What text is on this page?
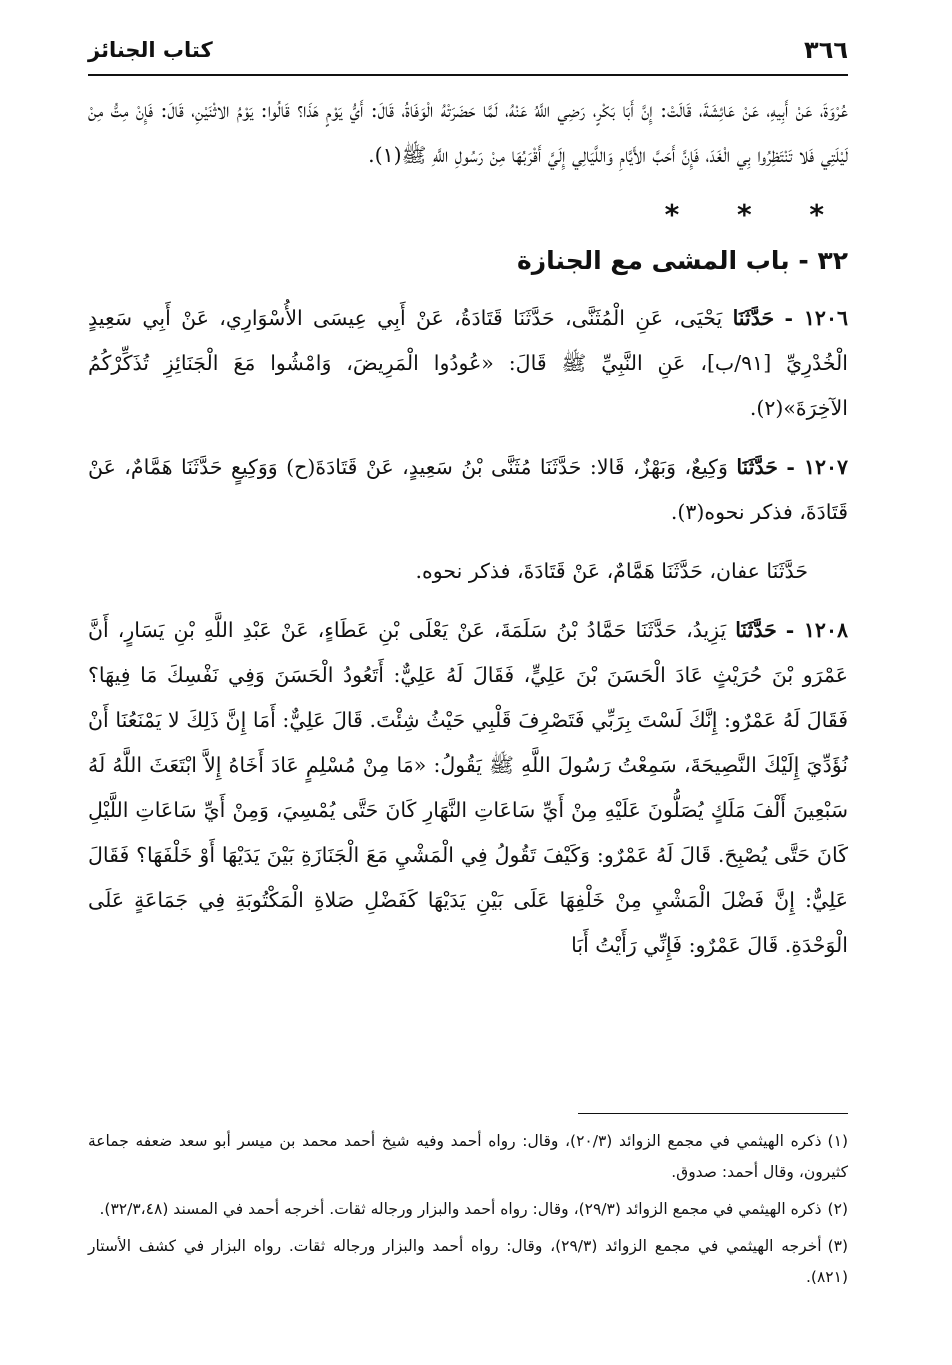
٣٦٦
كتاب الجنائز

عُرْوَةَ، عَنْ أَبِيهِ، عَنْ عَائِشَةَ، قَالَتْ: إِنَّ أَبَا بَكْرٍ، رَضِي اللَّهُ عَنْهُ، لَمَّا حَضَرَتْهُ الْوَفَاةُ، قَالَ: أَيُّ يَوْمٍ هَذَا؟ قَالُوا: يَوْمُ الاثْنَيْنِ، قَالَ: فَإِنْ مِتُّ مِنْ لَيْلَتِي فَلا تَنْتَظِرُوا بِي الْغَدَ، فَإِنَّ أَحَبَّ الأَيَّامِ وَاللَّيَالِي إِلَيَّ أَقْرَبُهَا مِنْ رَسُولِ اللَّهِ ﷺ(١).

* * *
٣٢ - باب المشى مع الجنازة

١٢٠٦ - حَدَّثَنَا يَحْيَى، عَنِ الْمُثَنَّى، حَدَّثَنَا قَتَادَةُ، عَنْ أَبِي عِيسَى الأُسْوَارِي، عَنْ أَبِي سَعِيدٍ الْخُدْرِيِّ [٩١/ب]، عَنِ النَّبِيِّ ﷺ قَالَ: «عُودُوا الْمَرِيضَ، وَامْشُوا مَعَ الْجَنَائِزِ تُذَكِّرْكُمُ الآخِرَةَ»(٢).

١٢٠٧ - حَدَّثَنَا وَكِيعٌ، وَبَهْزٌ، قَالا: حَدَّثَنَا مُثَنَّى بْنُ سَعِيدٍ، عَنْ قَتَادَةَ(ح) وَوَكِيعٍ حَدَّثَنَا هَمَّامٌ، عَنْ قَتَادَةَ، فذكر نحوه(٣).

حَدَّثَنَا عفان، حَدَّثَنَا هَمَّامٌ، عَنْ قَتَادَةَ، فذكر نحوه.

١٢٠٨ - حَدَّثَنَا يَزِيدُ، حَدَّثَنَا حَمَّادُ بْنُ سَلَمَةَ، عَنْ يَعْلَى بْنِ عَطَاءٍ، عَنْ عَبْدِ اللَّهِ بْنِ يَسَارٍ، أَنَّ عَمْرَو بْنَ حُرَيْثٍ عَادَ الْحَسَنَ بْنَ عَلِيٍّ، فَقَالَ لَهُ عَلِيٌّ: أَتَعُودُ الْحَسَنَ وَفِي نَفْسِكَ مَا فِيهَا؟ فَقَالَ لَهُ عَمْرٌو: إِنَّكَ لَسْتَ بِرَبِّي فَتَصْرِفَ قَلْبِي حَيْثُ شِئْتَ. قَالَ عَلِيٌّ: أَمَا إِنَّ ذَلِكَ لا يَمْنَعُنَا أَنْ نُؤَدِّيَ إِلَيْكَ النَّصِيحَةَ، سَمِعْتُ رَسُولَ اللَّهِ ﷺ يَقُولُ: «مَا مِنْ مُسْلِمٍ عَادَ أَخَاهُ إِلاَّ ابْتَعَثَ اللَّهُ لَهُ سَبْعِينَ أَلْفَ مَلَكٍ يُصَلُّونَ عَلَيْهِ مِنْ أَيِّ سَاعَاتِ النَّهَارِ كَانَ حَتَّى يُمْسِيَ، وَمِنْ أَيِّ سَاعَاتِ اللَّيْلِ كَانَ حَتَّى يُصْبِحَ. قَالَ لَهُ عَمْرٌو: وَكَيْفَ تَقُولُ فِي الْمَشْيِ مَعَ الْجَنَازَةِ بَيْنَ يَدَيْهَا أَوْ خَلْفَهَا؟ فَقَالَ عَلِيٌّ: إِنَّ فَضْلَ الْمَشْيِ مِنْ خَلْفِهَا عَلَى بَيْنِ يَدَيْهَا كَفَضْلِ صَلاةِ الْمَكْتُوبَةِ فِي جَمَاعَةٍ عَلَى الْوَحْدَةِ. قَالَ عَمْرٌو: فَإِنِّي رَأَيْتُ أَبَا

(١)ذكره الهيثمي في مجمع الزوائد (٢٠/٣)، وقال: رواه أحمد وفيه شيخ أحمد محمد بن ميسر أبو سعد ضعفه جماعة كثيرون، وقال أحمد: صدوق.

(٢)ذكره الهيثمي في مجمع الزوائد (٢٩/٣)، وقال: رواه أحمد والبزار ورجاله ثقات. أخرجه أحمد في المسند (٣٢/٣،٤٨).

(٣)أخرجه الهيثمي في مجمع الزوائد (٢٩/٣)، وقال: رواه أحمد والبزار ورجاله ثقات. رواه البزار في كشف الأستار (٨٢١).
